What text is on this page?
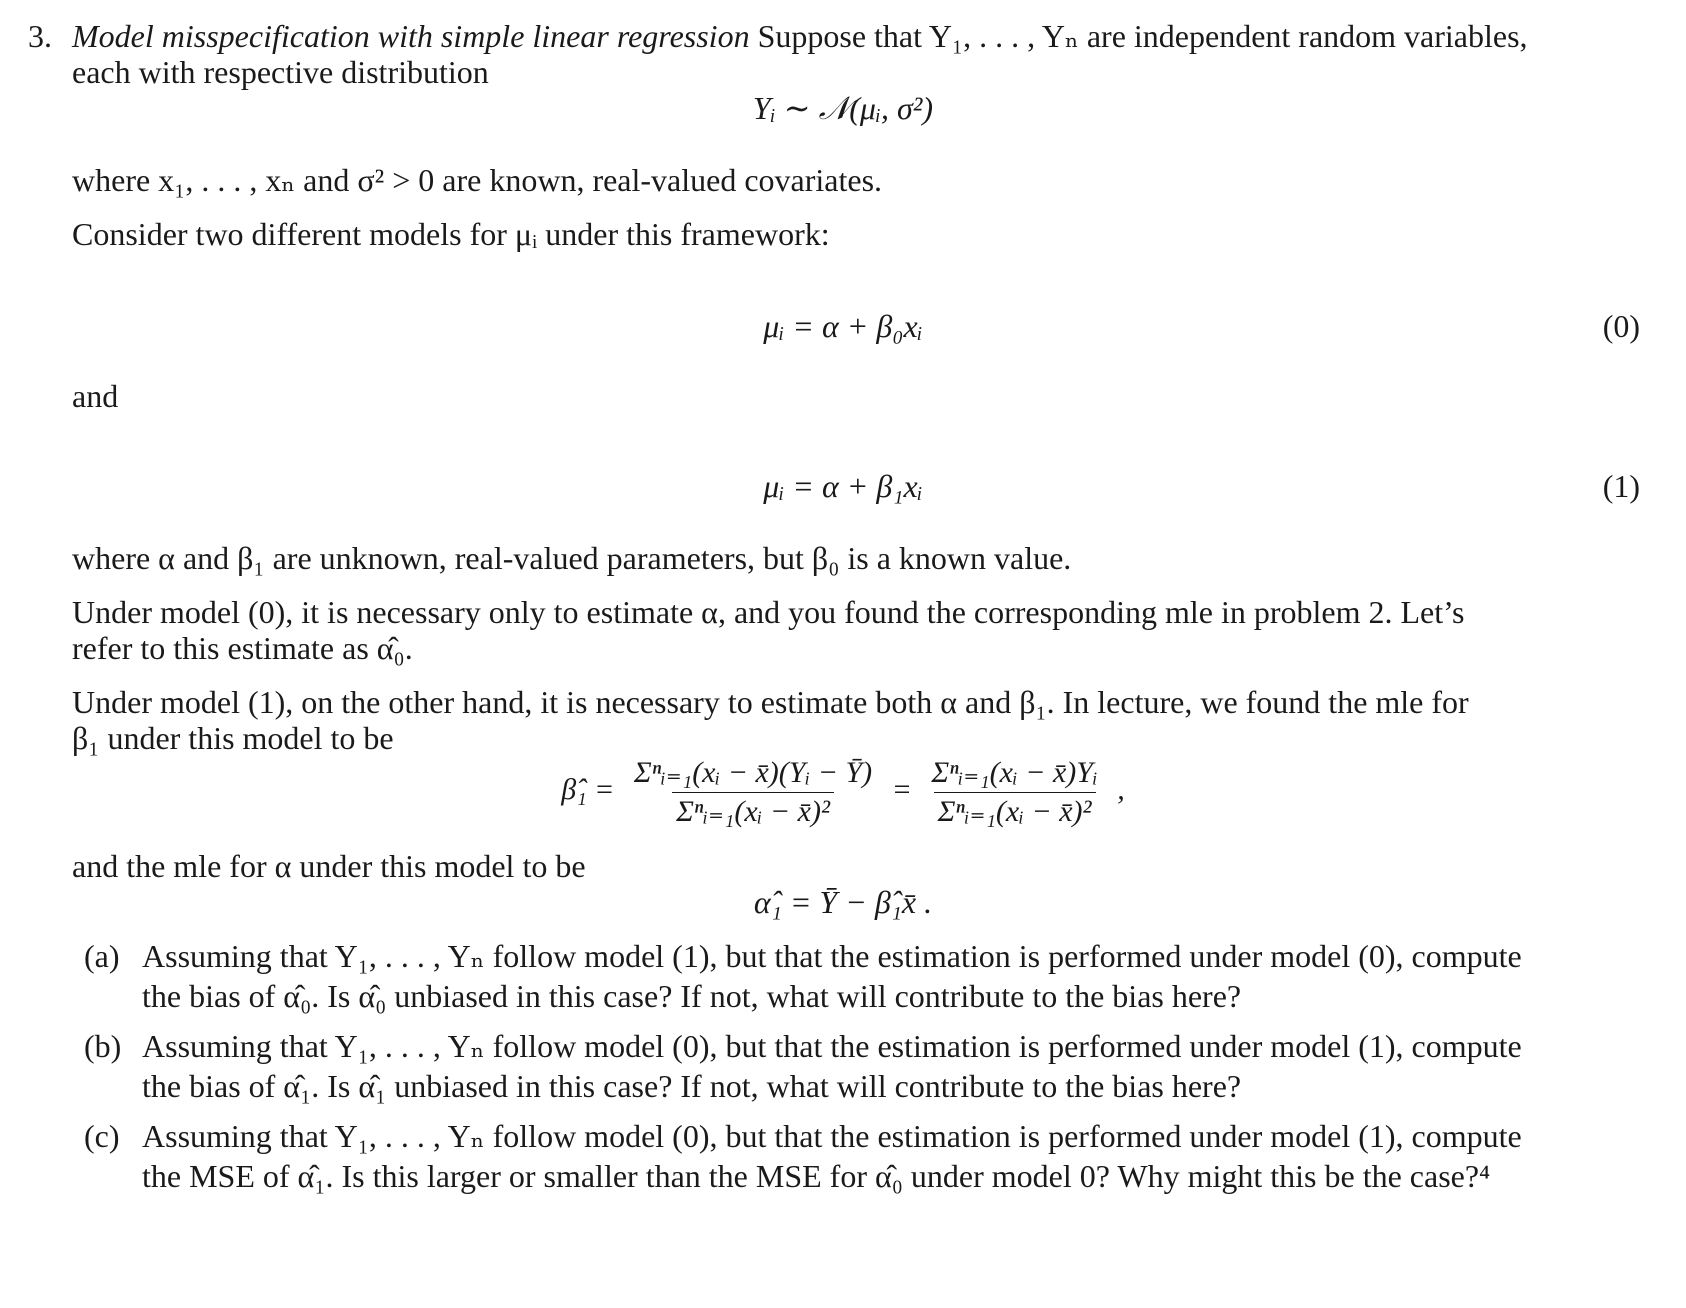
3. Model misspecification with simple linear regression Suppose that Y₁, . . . , Yₙ are independent random variables,

each with respective distribution

Yᵢ ∼ 𝒩(μᵢ, σ²)

where x₁, . . . , xₙ and σ² > 0 are known, real-valued covariates.

Consider two different models for μᵢ under this framework:

μᵢ = α + β₀xᵢ	(0)

and

μᵢ = α + β₁xᵢ	(1)

where α and β₁ are unknown, real-valued parameters, but β₀ is a known value.

Under model (0), it is necessary only to estimate α, and you found the corresponding mle in problem 2. Let’s

refer to this estimate as α̂₀.

Under model (1), on the other hand, it is necessary to estimate both α and β₁. In lecture, we found the mle for

β₁ under this model to be

β̂₁ = $\frac{\text{Σⁿᵢ₌₁(xᵢ − x̄)(Yᵢ − Ȳ)}}{\text{Σⁿᵢ₌₁(xᵢ − x̄)²}} = \frac{\text{Σⁿᵢ₌₁(xᵢ − x̄)Yᵢ}}{\text{Σⁿᵢ₌₁(xᵢ − x̄)²}}$ ,

and the mle for α under this model to be

α̂₁ = Ȳ − β̂₁x̄ .
(a) Assuming that Y₁, . . . , Yₙ follow model (1), but that the estimation is performed under model (0), compute
the bias of α̂₀. Is α̂₀ unbiased in this case? If not, what will contribute to the bias here?
(b) Assuming that Y₁, . . . , Yₙ follow model (0), but that the estimation is performed under model (1), compute
the bias of α̂₁. Is α̂₁ unbiased in this case? If not, what will contribute to the bias here?
(c) Assuming that Y₁, . . . , Yₙ follow model (0), but that the estimation is performed under model (1), compute
the MSE of α̂₁. Is this larger or smaller than the MSE for α̂₀ under model 0? Why might this be the case?⁴
